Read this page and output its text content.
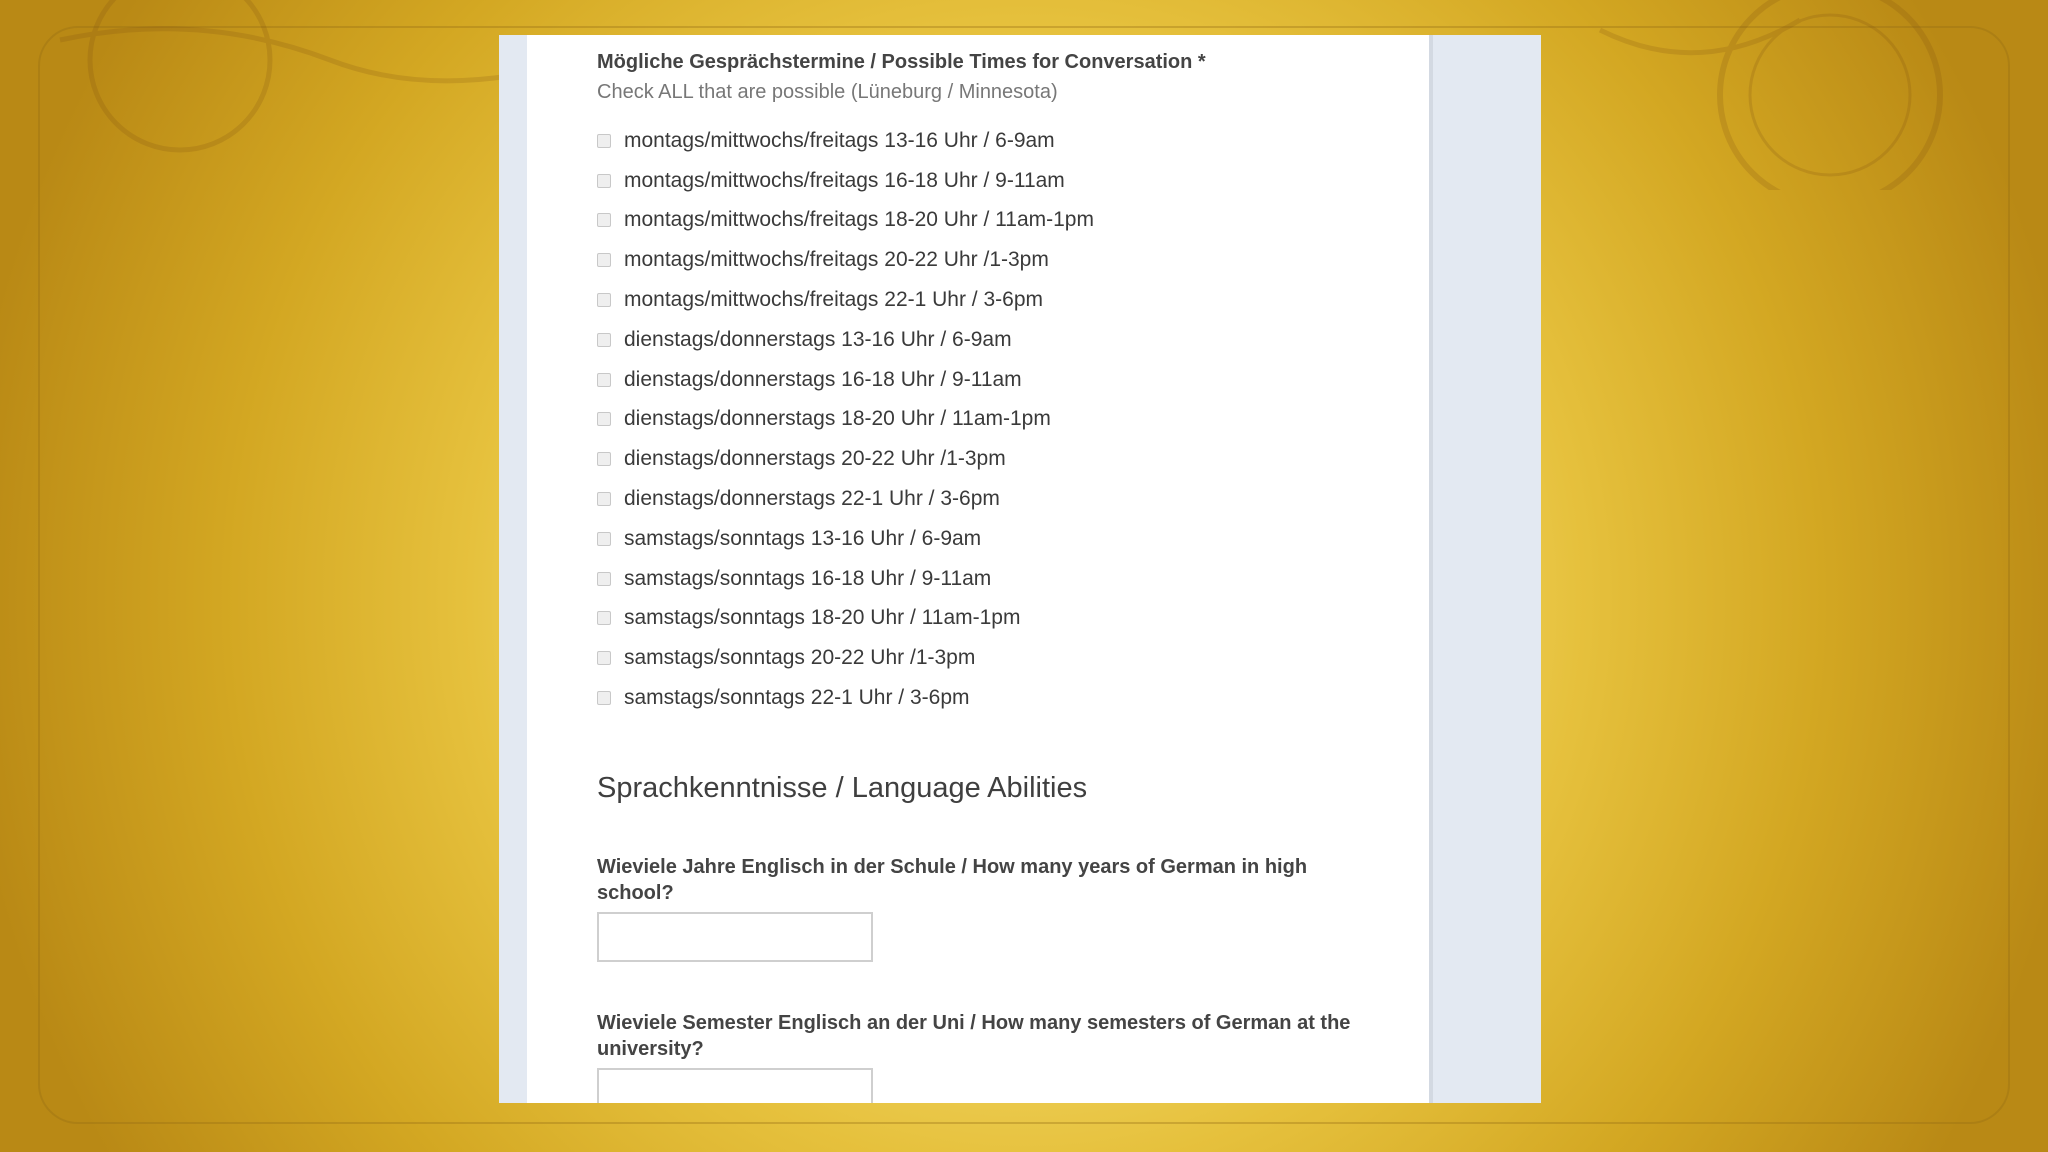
Mögliche Gesprächstermine / Possible Times for Conversation *
Check ALL that are possible (Lüneburg / Minnesota)
montags/mittwochs/freitags 13-16 Uhr / 6-9am
montags/mittwochs/freitags 16-18 Uhr / 9-11am
montags/mittwochs/freitags 18-20 Uhr / 11am-1pm
montags/mittwochs/freitags 20-22 Uhr /1-3pm
montags/mittwochs/freitags 22-1 Uhr / 3-6pm
dienstags/donnerstags 13-16 Uhr / 6-9am
dienstags/donnerstags 16-18 Uhr / 9-11am
dienstags/donnerstags 18-20 Uhr / 11am-1pm
dienstags/donnerstags 20-22 Uhr /1-3pm
dienstags/donnerstags 22-1 Uhr / 3-6pm
samstags/sonntags 13-16 Uhr / 6-9am
samstags/sonntags 16-18 Uhr / 9-11am
samstags/sonntags 18-20 Uhr / 11am-1pm
samstags/sonntags 20-22 Uhr /1-3pm
samstags/sonntags 22-1 Uhr / 3-6pm
Sprachkenntnisse / Language Abilities
Wieviele Jahre Englisch in der Schule / How many years of German in high school?
Wieviele Semester Englisch an der Uni / How many semesters of German at the university?
